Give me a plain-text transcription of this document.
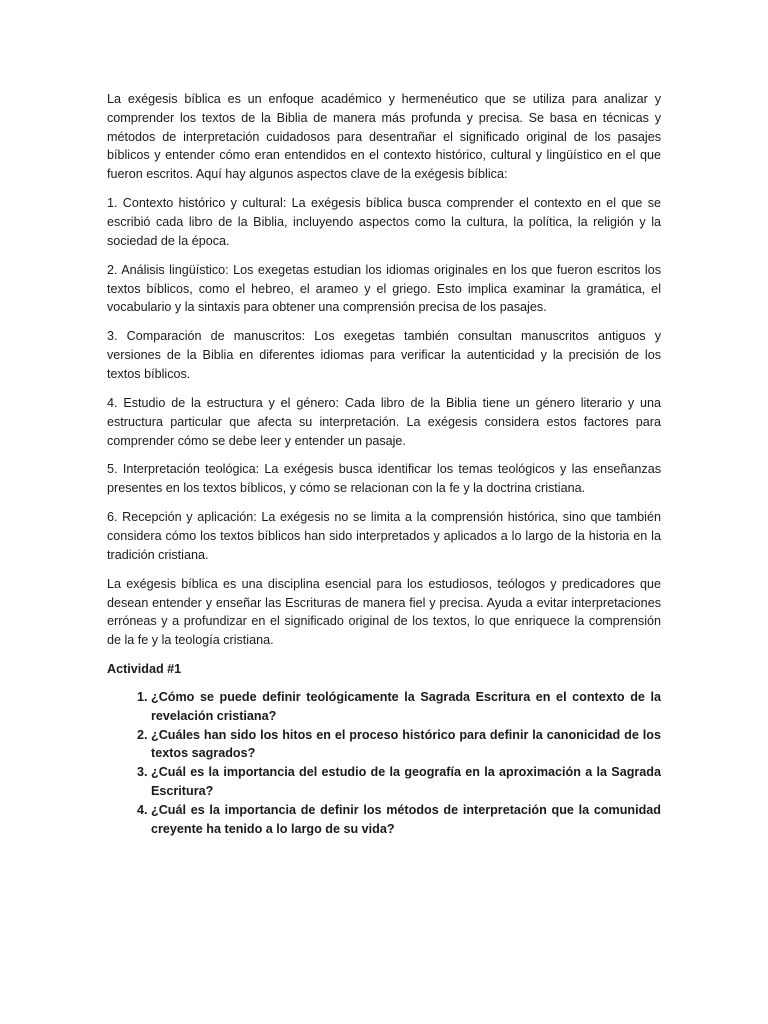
La exégesis bíblica es un enfoque académico y hermenéutico que se utiliza para analizar y comprender los textos de la Biblia de manera más profunda y precisa. Se basa en técnicas y métodos de interpretación cuidadosos para desentrañar el significado original de los pasajes bíblicos y entender cómo eran entendidos en el contexto histórico, cultural y lingüístico en el que fueron escritos. Aquí hay algunos aspectos clave de la exégesis bíblica:

1. Contexto histórico y cultural: La exégesis bíblica busca comprender el contexto en el que se escribió cada libro de la Biblia, incluyendo aspectos como la cultura, la política, la religión y la sociedad de la época.

2. Análisis lingüístico: Los exegetas estudian los idiomas originales en los que fueron escritos los textos bíblicos, como el hebreo, el arameo y el griego. Esto implica examinar la gramática, el vocabulario y la sintaxis para obtener una comprensión precisa de los pasajes.

3. Comparación de manuscritos: Los exegetas también consultan manuscritos antiguos y versiones de la Biblia en diferentes idiomas para verificar la autenticidad y la precisión de los textos bíblicos.

4. Estudio de la estructura y el género: Cada libro de la Biblia tiene un género literario y una estructura particular que afecta su interpretación. La exégesis considera estos factores para comprender cómo se debe leer y entender un pasaje.

5. Interpretación teológica: La exégesis busca identificar los temas teológicos y las enseñanzas presentes en los textos bíblicos, y cómo se relacionan con la fe y la doctrina cristiana.

6. Recepción y aplicación: La exégesis no se limita a la comprensión histórica, sino que también considera cómo los textos bíblicos han sido interpretados y aplicados a lo largo de la historia en la tradición cristiana.

La exégesis bíblica es una disciplina esencial para los estudiosos, teólogos y predicadores que desean entender y enseñar las Escrituras de manera fiel y precisa. Ayuda a evitar interpretaciones erróneas y a profundizar en el significado original de los textos, lo que enriquece la comprensión de la fe y la teología cristiana.

Actividad #1
1. ¿Cómo se puede definir teológicamente la Sagrada Escritura en el contexto de la revelación cristiana?
2. ¿Cuáles han sido los hitos en el proceso histórico para definir la canonicidad de los textos sagrados?
3. ¿Cuál es la importancia del estudio de la geografía en la aproximación a la Sagrada Escritura?
4. ¿Cuál es la importancia de definir los métodos de interpretación que la comunidad creyente ha tenido a lo largo de su vida?
